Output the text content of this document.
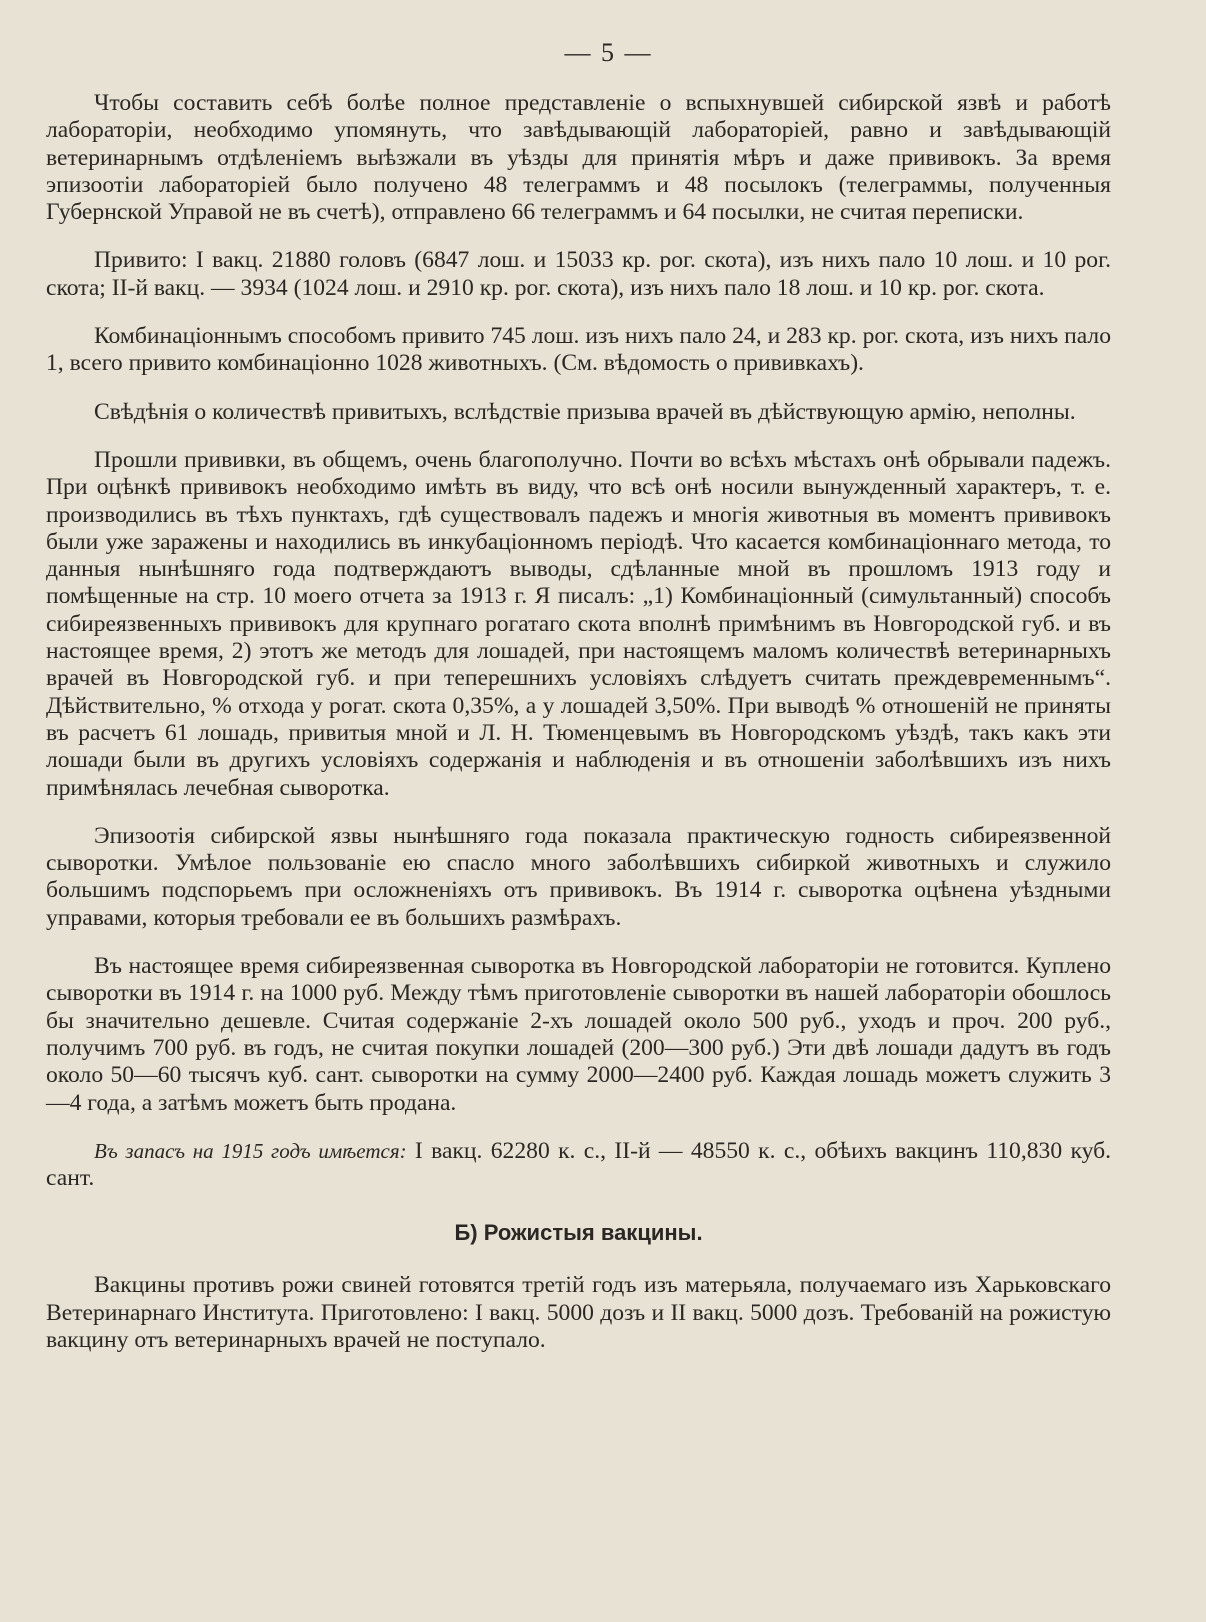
— 5 —

Чтобы составить себѣ болѣе полное представленіе о вспыхнувшей сибирской язвѣ и работѣ лабораторіи, необходимо упомянуть, что завѣдывающій лабораторіей, равно и завѣдывающій ветеринарнымъ отдѣленіемъ выѣзжали въ уѣзды для принятія мѣръ и даже прививокъ. За время эпизоотіи лабораторіей было получено 48 телеграммъ и 48 посылокъ (телеграммы, полученныя Губернской Управой не въ счетѣ), отправлено 66 телеграммъ и 64 посылки, не считая переписки.

Привито: I вакц. 21880 головъ (6847 лош. и 15033 кр. рог. скота), изъ нихъ пало 10 лош. и 10 рог. скота; II-й вакц. — 3934 (1024 лош. и 2910 кр. рог. скота), изъ нихъ пало 18 лош. и 10 кр. рог. скота.

Комбинаціоннымъ способомъ привито 745 лош. изъ нихъ пало 24, и 283 кр. рог. скота, изъ нихъ пало 1, всего привито комбинаціонно 1028 животныхъ. (См. вѣдомость о прививкахъ).

Свѣдѣнія о количествѣ привитыхъ, вслѣдствіе призыва врачей въ дѣйствующую армію, неполны.

Прошли прививки, въ общемъ, очень благополучно. Почти во всѣхъ мѣстахъ онѣ обрывали падежъ. При оцѣнкѣ прививокъ необходимо имѣть въ виду, что всѣ онѣ носили вынужденный характеръ, т. е. производились въ тѣхъ пунктахъ, гдѣ существовалъ падежъ и многія животныя въ моментъ прививокъ были уже заражены и находились въ инкубаціонномъ періодѣ. Что касается комбинаціоннаго метода, то данныя нынѣшняго года подтверждаютъ выводы, сдѣланные мной въ прошломъ 1913 году и помѣщенные на стр. 10 моего отчета за 1913 г. Я писалъ: „1) Комбинаціонный (симультанный) способъ сибиреязвенныхъ прививокъ для крупнаго рогатаго скота вполнѣ примѣнимъ въ Новгородской губ. и въ настоящее время, 2) этотъ же методъ для лошадей, при настоящемъ маломъ количествѣ ветеринарныхъ врачей въ Новгородской губ. и при теперешнихъ условіяхъ слѣдуетъ считать преждевременнымъ“. Дѣйствительно, % отхода у рогат. скота 0,35%, а у лошадей 3,50%. При выводѣ % отношеній не приняты въ расчетъ 61 лошадь, привитыя мной и Л. Н. Тюменцевымъ въ Новгородскомъ уѣздѣ, такъ какъ эти лошади были въ другихъ условіяхъ содержанія и наблюденія и въ отношеніи заболѣвшихъ изъ нихъ примѣнялась лечебная сыворотка.

Эпизоотія сибирской язвы нынѣшняго года показала практическую годность сибиреязвенной сыворотки. Умѣлое пользованіе ею спасло много заболѣвшихъ сибиркой животныхъ и служило большимъ подспорьемъ при осложненіяхъ отъ прививокъ. Въ 1914 г. сыворотка оцѣнена уѣздными управами, которыя требовали ее въ большихъ размѣрахъ.

Въ настоящее время сибиреязвенная сыворотка въ Новгородской лабораторіи не готовится. Куплено сыворотки въ 1914 г. на 1000 руб. Между тѣмъ приготовленіе сыворотки въ нашей лабораторіи обошлось бы значительно дешевле. Считая содержаніе 2-хъ лошадей около 500 руб., уходъ и проч. 200 руб., получимъ 700 руб. въ годъ, не считая покупки лошадей (200—300 руб.) Эти двѣ лошади дадутъ въ годъ около 50—60 тысячъ куб. сант. сыворотки на сумму 2000—2400 руб. Каждая лошадь можетъ служить 3—4 года, а затѣмъ можетъ быть продана.

Въ запасъ на 1915 годъ имѣется: I вакц. 62280 к. с., II-й — 48550 к. с., обѣихъ вакцинъ 110,830 куб. сант.

Б) Рожистыя вакцины.

Вакцины противъ рожи свиней готовятся третій годъ изъ матерьяла, получаемаго изъ Харьковскаго Ветеринарнаго Института. Приготовлено: I вакц. 5000 дозъ и II вакц. 5000 дозъ. Требованій на рожистую вакцину отъ ветеринарныхъ врачей не поступало.
